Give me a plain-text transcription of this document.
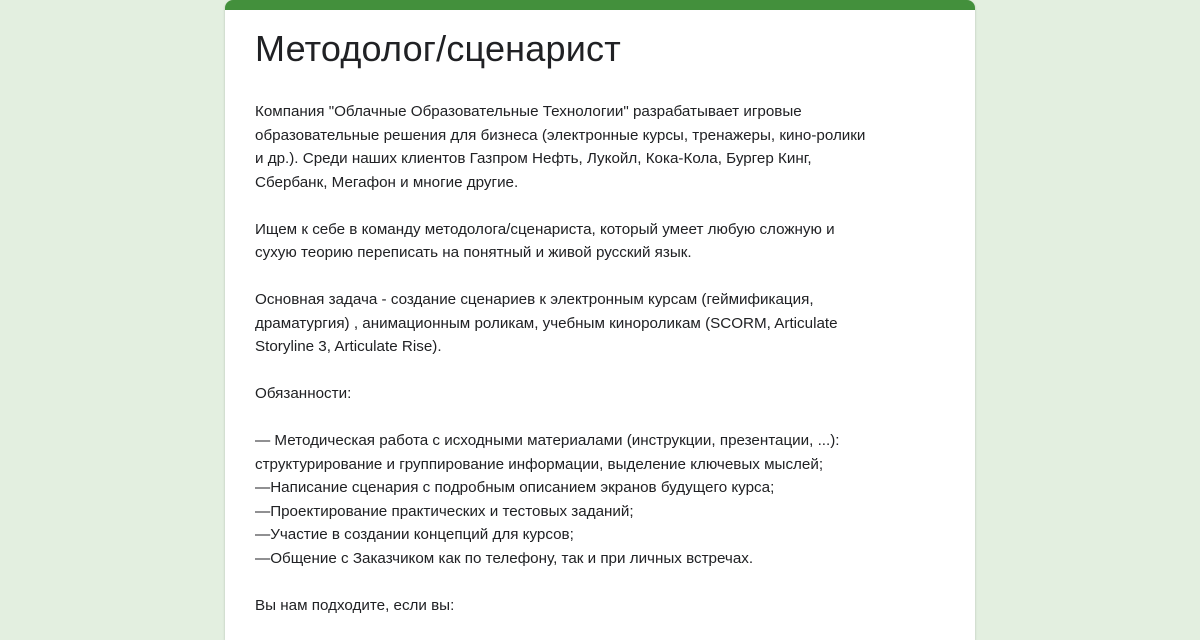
Методолог/сценарист
Компания "Облачные Образовательные Технологии" разрабатывает игровые
образовательные решения для бизнеса (электронные курсы, тренажеры, кино-ролики
и др.). Среди наших клиентов Газпром Нефть, Лукойл, Кока-Кола, Бургер Кинг,
Сбербанк, Мегафон и многие другие.
Ищем к себе в команду методолога/сценариста, который умеет любую сложную и
сухую теорию переписать на понятный и живой русский язык.
Основная задача - создание сценариев к электронным курсам (геймификация,
драматургия) , анимационным роликам, учебным кинороликам (SCORM, Articulate
Storyline 3, Articulate Rise).
Обязанности:
— Методическая работа с исходными материалами (инструкции, презентации, ...):
структурирование и группирование информации, выделение ключевых мыслей;
—Написание сценария с подробным описанием экранов будущего курса;
—Проектирование практических и тестовых заданий;
—Участие в создании концепций для курсов;
—Общение с Заказчиком как по телефону, так и при личных встречах.
Вы нам подходите, если вы:
